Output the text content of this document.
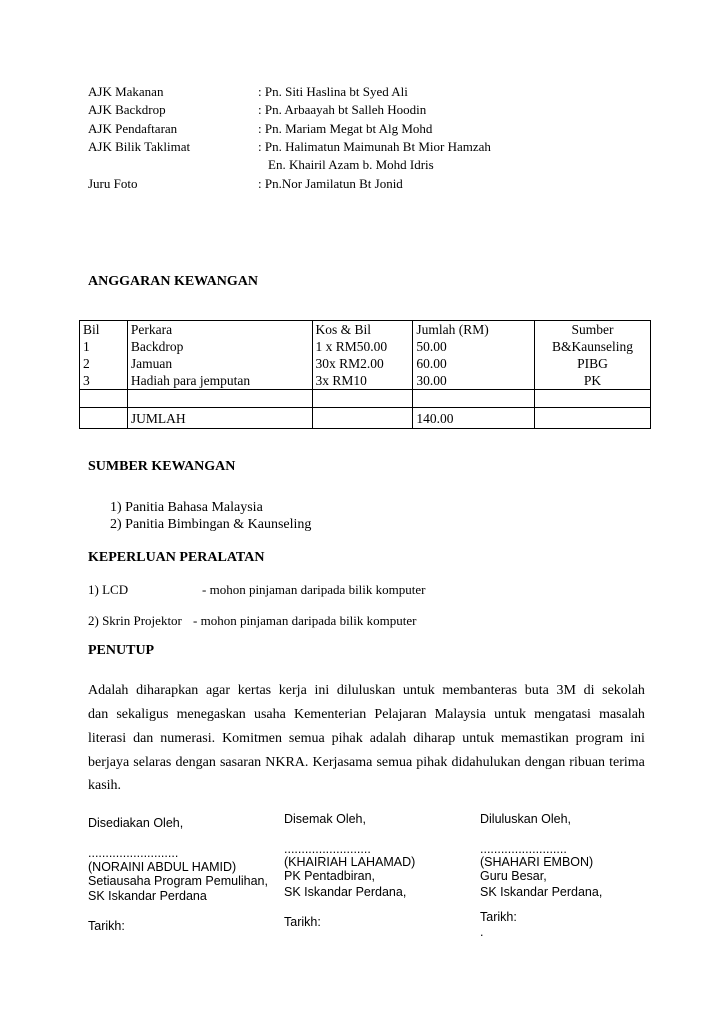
AJK Makanan	: Pn. Siti Haslina bt Syed Ali
AJK Backdrop	: Pn. Arbaayah bt Salleh Hoodin
AJK Pendaftaran	: Pn. Mariam Megat bt Alg Mohd
AJK Bilik Taklimat	: Pn. Halimatun Maimunah Bt Mior Hamzah
En. Khairil Azam b. Mohd Idris
Juru Foto	: Pn.Nor Jamilatun Bt Jonid
ANGGARAN KEWANGAN
Bil	Perkara	Kos & Bil	Jumlah (RM)	Sumber
1	Backdrop	1 x RM50.00	50.00	B&Kaunseling
2	Jamuan	30x RM2.00	60.00	PIBG
3	Hadiah para jemputan	3x RM10	30.00	PK

	JUMLAH		140.00	
SUMBER KEWANGAN
1) Panitia Bahasa Malaysia
2) Panitia Bimbingan & Kaunseling
KEPERLUAN PERALATAN
1) LCD	- mohon pinjaman daripada bilik komputer
2) Skrin Projektor - mohon pinjaman daripada bilik komputer
PENUTUP
Adalah diharapkan agar kertas kerja ini diluluskan untuk membanteras buta 3M di sekolah
dan sekaligus menegaskan usaha Kementerian Pelajaran Malaysia untuk mengatasi masalah
literasi dan numerasi. Komitmen semua pihak adalah diharap untuk memastikan program ini
berjaya selaras dengan sasaran NKRA. Kerjasama semua pihak didahulukan dengan ribuan terima
kasih.
Disediakan Oleh,
..........................
(NORAINI ABDUL HAMID)
Setiausaha Program Pemulihan,
SK Iskandar Perdana
Tarikh:
Disemak Oleh,
.........................
(KHAIRIAH LAHAMAD)
PK Pentadbiran,
SK Iskandar Perdana,
Tarikh:
Diluluskan Oleh,
.........................
(SHAHARI EMBON)
Guru Besar,
SK Iskandar Perdana,
Tarikh:
.
